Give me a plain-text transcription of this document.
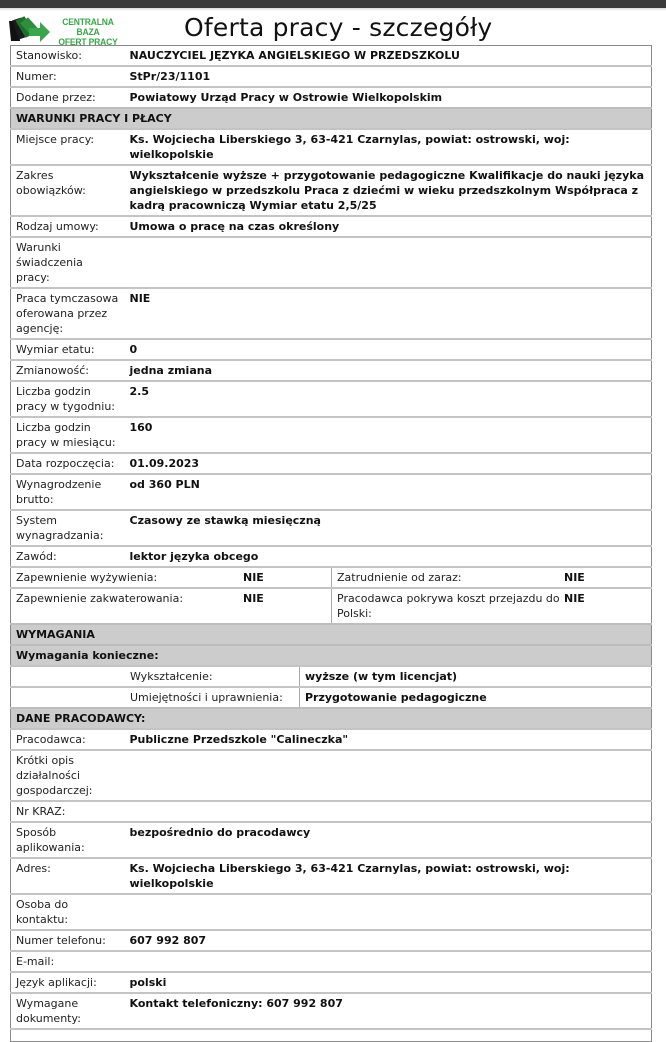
CENTRALNA BAZA
OFERT PRACY
Oferta pracy - szczegóły
Stanowisko:	NAUCZYCIEL JĘZYKA ANGIELSKIEGO W PRZEDSZKOLU
Numer:	StPr/23/1101
Dodane przez:	Powiatowy Urząd Pracy w Ostrowie Wielkopolskim
WARUNKI PRACY I PŁACY	
Miejsce pracy:	Ks. Wojciecha Liberskiego 3, 63-421 Czarnylas, powiat: ostrowski, woj: wielkopolskie
Zakres obowiązków:	Wykształcenie wyższe + przygotowanie pedagogiczne Kwalifikacje do nauki języka angielskiego w przedszkolu Praca z dziećmi w wieku przedszkolnym Współpraca z kadrą pracowniczą Wymiar etatu 2,5/25
Rodzaj umowy:	Umowa o pracę na czas określony
Warunki świadczenia pracy:	
Praca tymczasowa oferowana przez agencję:	NIE
Wymiar etatu:	0
Zmianowość:	jedna zmiana
Liczba godzin pracy w tygodniu:	2.5
Liczba godzin pracy w miesiącu:	160
Data rozpoczęcia:	01.09.2023
Wynagrodzenie brutto:	od 360 PLN
System wynagradzania:	Czasowy ze stawką miesięczną
Zawód:	lektor języka obcego

Zapewnienie wyżywienia: NIE Zatrudnienie od zaraz: NIE	

Zapewnienie zakwaterowania: NIE Pracodawca pokrywa koszt przejazdu do Polski:
NIE	

WYMAGANIA	
Wymagania konieczne:	

Wykształcenie: wyższe (w tym licencjat)	

Umiejętności i uprawnienia: Przygotowanie pedagogiczne	

DANE PRACODAWCY:	
Pracodawca:	Publiczne Przedszkole "Calineczka"
Krótki opis działalności gospodarczej:	
Nr KRAZ:	
Sposób aplikowania:	bezpośrednio do pracodawcy
Adres:	Ks. Wojciecha Liberskiego 3, 63-421 Czarnylas, powiat: ostrowski, woj: wielkopolskie
Osoba do kontaktu:	
Numer telefonu:	607 992 807
E-mail:	
Język aplikacji:	polski
Wymagane dokumenty:	Kontakt telefoniczny: 607 992 807
